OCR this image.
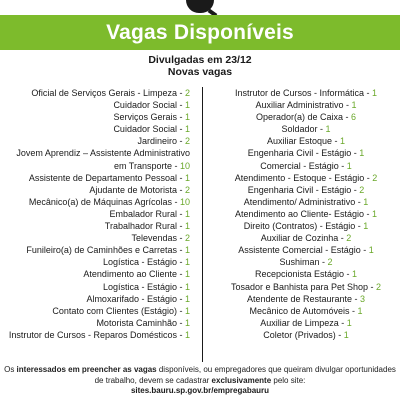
Vagas Disponíveis
Divulgadas em 23/12
Novas vagas
Oficial de Serviços Gerais - Limpeza - 2
Cuidador Social - 1
Serviços Gerais - 1
Cuidador Social - 1
Jardineiro - 2
Jovem Aprendiz – Assistente Administrativo
em Transporte - 10
Assistente de Departamento Pessoal - 1
Ajudante de Motorista - 2
Mecânico(a) de Máquinas Agrícolas - 10
Embalador Rural - 1
Trabalhador Rural - 1
Televendas - 2
Funileiro(a) de Caminhões e Carretas - 1
Logística - Estágio - 1
Atendimento ao Cliente - 1
Logística - Estágio - 1
Almoxarifado - Estágio - 1
Contato com Clientes (Estágio) - 1
Motorista Caminhão - 1
Instrutor de Cursos - Reparos Domésticos - 1
Instrutor de Cursos - Informática - 1
Auxiliar Administrativo - 1
Operador(a) de Caixa - 6
Soldador - 1
Auxiliar Estoque - 1
Engenharia Civil - Estágio - 1
Comercial - Estágio - 1
Atendimento - Estoque - Estágio - 2
Engenharia Civil - Estágio - 2
Atendimento/ Administrativo - 1
Atendimento ao Cliente- Estágio - 1
Direito (Contratos) - Estágio - 1
Auxiliar de Cozinha - 2
Assistente Comercial - Estágio - 1
Sushiman - 2
Recepcionista Estágio - 1
Tosador e Banhista para Pet Shop - 2
Atendente de Restaurante - 3
Mecânico de Automóveis - 1
Auxiliar de Limpeza - 1
Coletor (Privados) - 1
Os interessados em preencher as vagas disponíveis, ou empregadores que queiram divulgar oportunidades de trabalho, devem se cadastrar exclusivamente pelo site:
sites.bauru.sp.gov.br/empregabauru
